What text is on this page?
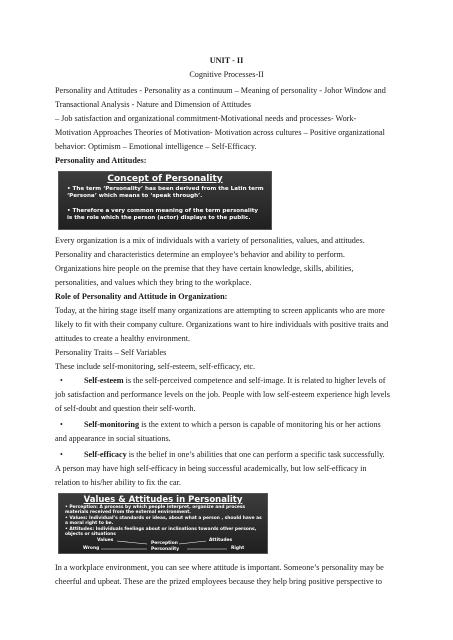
UNIT - II
Cognitive Processes-II
Personality and Attitudes - Personality as a continuum – Meaning of personality - Johor Window and
Transactional Analysis - Nature and Dimension of Attitudes
– Job satisfaction and organizational commitment-Motivational needs and processes- Work-
Motivation Approaches Theories of Motivation- Motivation across cultures – Positive organizational
behavior: Optimism – Emotional intelligence – Self-Efficacy.
Personality and Attitudes:
Concept of Personality
• The term ‘Personality’ has been derived from the Latin term ‘Persona’ which means to ‘speak through’.
• Therefore a very common meaning of the term personality is the role which the person (actor) displays to the public.
Every organization is a mix of individuals with a variety of personalities, values, and attitudes.
Personality and characteristics determine an employee’s behavior and ability to perform.
Organizations hire people on the premise that they have certain knowledge, skills, abilities,
personalities, and values which they bring to the workplace.
Role of Personality and Attitude in Organization:
Today, at the hiring stage itself many organizations are attempting to screen applicants who are more
likely to fit with their company culture. Organizations want to hire individuals with positive traits and
attitudes to create a healthy environment.
Personality Traits – Self Variables
These include self-monitoring, self-esteem, self-efficacy, etc.
•	Self-esteem is the self-perceived competence and self-image. It is related to higher levels of
job satisfaction and performance levels on the job. People with low self-esteem experience high levels
of self-doubt and question their self-worth.
•	Self-monitoring is the extent to which a person is capable of monitoring his or her actions
and appearance in social situations.
•	Self-efficacy is the belief in one’s abilities that one can perform a specific task successfully.
A person may have high self-efficacy in being successful academically, but low self-efficacy in
relation to his/her ability to fix the car.
Values & Attitudes in Personality
• Perception: A process by which people interpret, organize and process materials received from the external environment.
• Values: Individual’s standards or ideas, about what a person , should have as a moral right to be.
• Attitudes: Individuals feelings about or inclinations towards other persons, objects or situations
Values	Attitudes
Perception
Wrong	Right
Personality
In a workplace environment, you can see where attitude is important. Someone’s personality may be
cheerful and upbeat. These are the prized employees because they help bring positive perspective to
